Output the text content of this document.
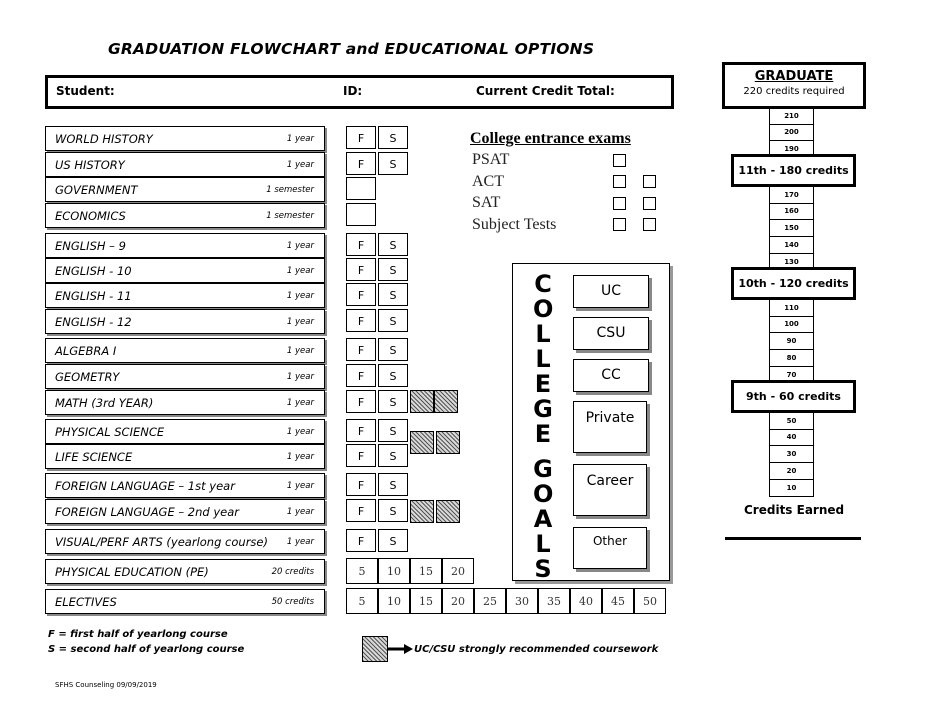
GRADUATION FLOWCHART and EDUCATIONAL OPTIONS
Student:	ID:	Current Credit Total:
WORLD HISTORY	1 year	F	S
US HISTORY	1 year	F	S
GOVERNMENT	1 semester
ECONOMICS	1 semester
ENGLISH – 9	1 year	F	S
ENGLISH - 10	1 year	F	S
ENGLISH - 11	1 year	F	S
ENGLISH - 12	1 year	F	S
ALGEBRA I	1 year	F	S
GEOMETRY	1 year	F	S
MATH (3rd YEAR)	1 year	F	S
PHYSICAL SCIENCE	1 year	F	S
LIFE SCIENCE	1 year	F	S
FOREIGN LANGUAGE – 1st year	1 year	F	S
FOREIGN LANGUAGE – 2nd year	1 year	F	S
VISUAL/PERF ARTS (yearlong course) 1 year	F	S
PHYSICAL EDUCATION (PE)	20 credits
ELECTIVES	50 credits
5	10	15	20
5	10	15	20	25	30	35	40	45	50
College entrance exams
PSAT
ACT
SAT
Subject Tests
C
O
L
L
E
G
E
G
O
A
L
S
UC
CSU
CC
Private
Career
Other
GRADUATE
220 credits required
210
200
190
11th - 180 credits
170
160
150
140
130
10th - 120 credits
110
100
90
80
70
9th - 60 credits
50
40
30
20
10
Credits Earned
F = first half of yearlong course
S = second half of yearlong course	UC/CSU strongly recommended coursework
SFHS Counseling 09/09/2019
